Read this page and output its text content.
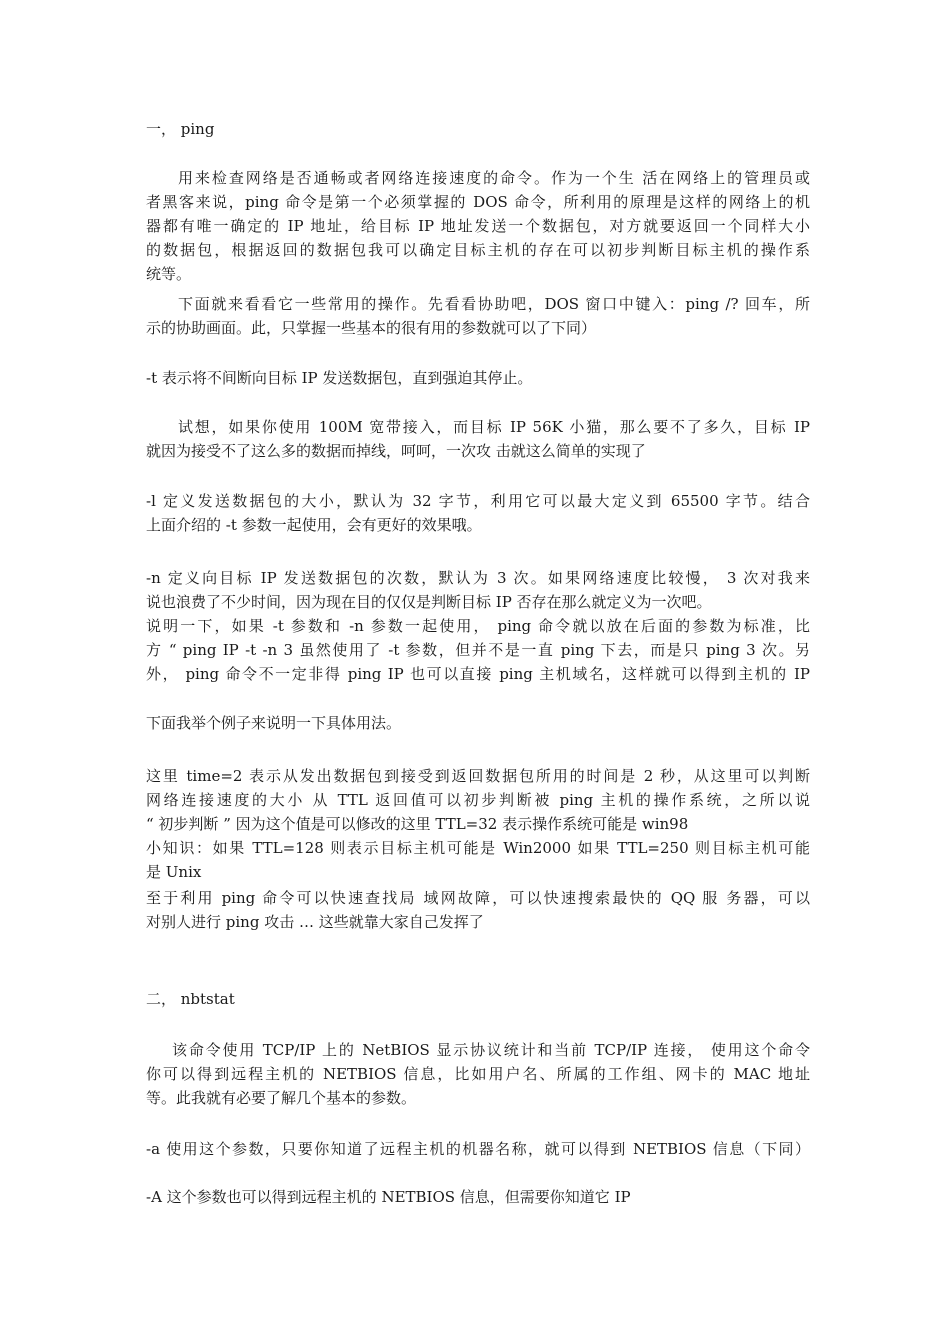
一， ping
用来检查网络是否通畅或者网络连接速度的命令。作为一个生 活在网络上的管理员或
者黑客来说，ping 命令是第一个必须掌握的 DOS 命令，所利用的原理是这样的网络上的机
器都有唯一确定的 IP 地址，给目标 IP 地址发送一个数据包，对方就要返回一个同样大小
的数据包，根据返回的数据包我可以确定目标主机的存在可以初步判断目标主机的操作系
统等。
下面就来看看它一些常用的操作。先看看协助吧，DOS 窗口中键入：ping /? 回车，所
示的协助画面。此，只掌握一些基本的很有用的参数就可以了下同）
-t 表示将不间断向目标 IP 发送数据包，直到强迫其停止。
试想，如果你使用 100M 宽带接入，而目标 IP 56K 小猫，那么要不了多久，目标 IP
就因为接受不了这么多的数据而掉线，呵呵，一次攻 击就这么简单的实现了
-l 定义发送数据包的大小，默认为 32 字节，利用它可以最大定义到 65500 字节。结合
上面介绍的 -t 参数一起使用，会有更好的效果哦。
-n 定义向目标 IP 发送数据包的次数，默认为 3 次。如果网络速度比较慢， 3 次对我来
说也浪费了不少时间，因为现在目的仅仅是判断目标 IP 否存在那么就定义为一次吧。
说明一下，如果 -t 参数和 -n 参数一起使用， ping 命令就以放在后面的参数为标准，比
方 “ ping IP -t -n 3 虽然使用了 -t 参数，但并不是一直 ping 下去，而是只 ping 3 次。另
外， ping 命令不一定非得 ping IP 也可以直接 ping 主机域名，这样就可以得到主机的 IP
下面我举个例子来说明一下具体用法。
这里 time=2 表示从发出数据包到接受到返回数据包所用的时间是 2 秒，从这里可以判断
网络连接速度的大小 从 TTL 返回值可以初步判断被 ping 主机的操作系统，之所以说
“ 初步判断 ” 因为这个值是可以修改的这里 TTL=32 表示操作系统可能是 win98
小知识：如果 TTL=128 则表示目标主机可能是 Win2000 如果 TTL=250 则目标主机可能
是 Unix
至于利用 ping 命令可以快速查找局 域网故障，可以快速搜索最快的 QQ 服 务器，可以
对别人进行 ping 攻击 … 这些就靠大家自己发挥了
二， nbtstat
该命令使用 TCP/IP 上的 NetBIOS 显示协议统计和当前 TCP/IP 连接， 使用这个命令
你可以得到远程主机的 NETBIOS 信息，比如用户名、所属的工作组、网卡的 MAC 地址
等。此我就有必要了解几个基本的参数。
-a 使用这个参数，只要你知道了远程主机的机器名称，就可以得到 NETBIOS 信息（下同）
-A 这个参数也可以得到远程主机的 NETBIOS 信息，但需要你知道它 IP
